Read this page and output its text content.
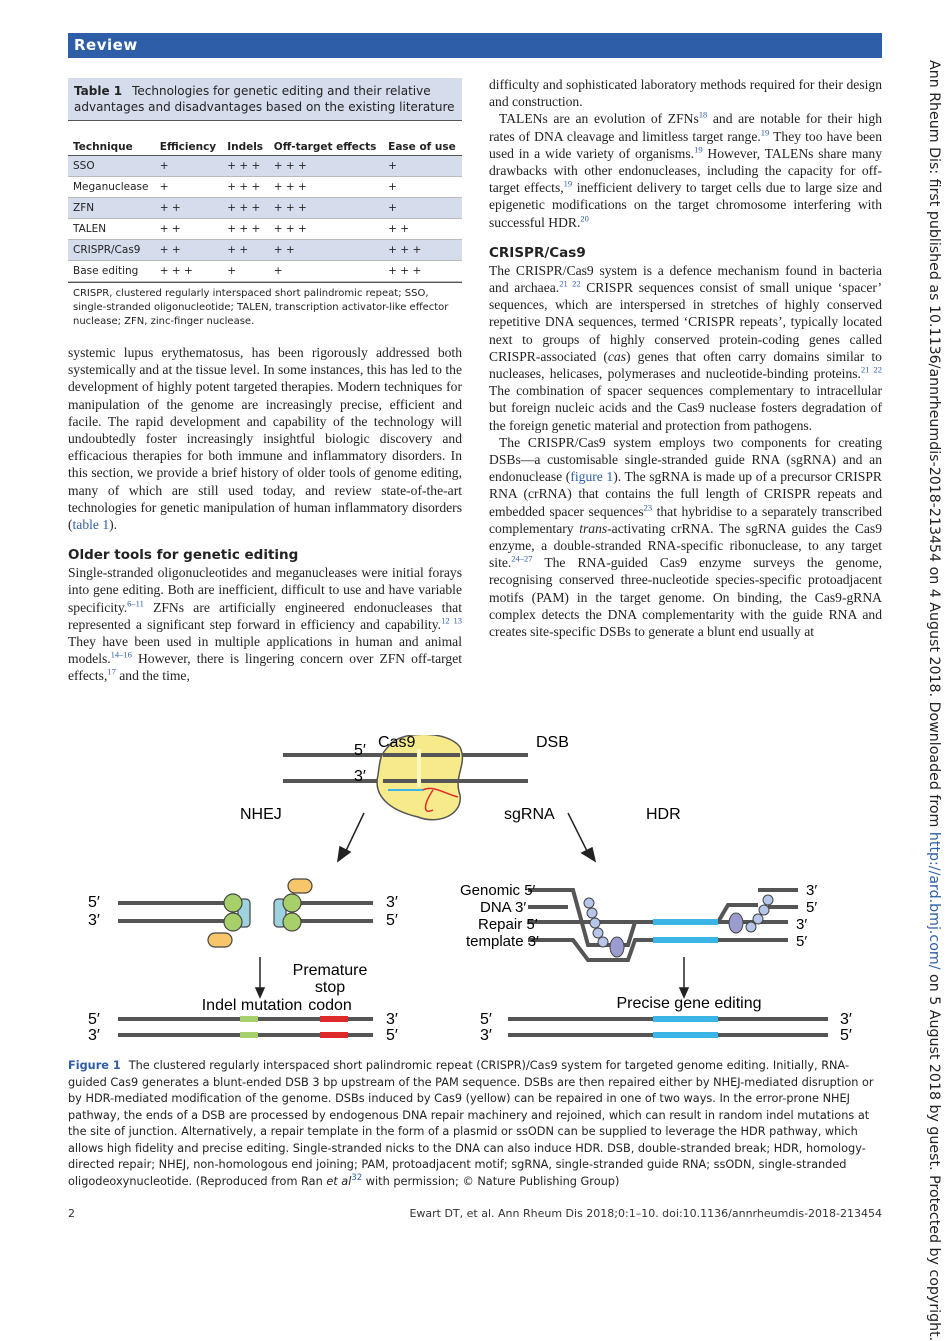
Review
Table 1 Technologies for genetic editing and their relative advantages and disadvantages based on the existing literature
Technique	Efficiency	Indels	Off-target effects	Ease of use
SSO	+	+ + +	+ + +	+
Meganuclease	+	+ + +	+ + +	+
ZFN	+ +	+ + +	+ + +	+
TALEN	+ +	+ + +	+ + +	+ +
CRISPR/Cas9	+ +	+ +	+ +	+ + +
Base editing	+ + +	+	+	+ + +
CRISPR, clustered regularly interspaced short palindromic repeat; SSO, single-stranded oligonucleotide; TALEN, transcription activator-like effector nuclease; ZFN, zinc-finger nuclease.

systemic lupus erythematosus, has been rigorously addressed both systemically and at the tissue level. In some instances, this has led to the development of highly potent targeted therapies. Modern techniques for manipulation of the genome are increasingly precise, efficient and facile. The rapid development and capability of the technology will undoubtedly foster increasingly insightful biologic discovery and efficacious therapies for both immune and inflammatory disorders. In this section, we provide a brief history of older tools of genome editing, many of which are still used today, and review state-of-the-art technologies for genetic manipulation of human inflammatory disorders (table 1).

Older tools for genetic editing

Single-stranded oligonucleotides and meganucleases were initial forays into gene editing. Both are inefficient, difficult to use and have variable specificity.$^{6-11}$ ZFNs are artificially engineered endonucleases that represented a significant step forward in efficiency and capability.$^{12 13}$ They have been used in multiple applications in human and animal models.$^{14-16}$ However, there is lingering concern over ZFN off-target effects,$^{17}$ and the time,

difficulty and sophisticated laboratory methods required for their design and construction.

TALENs are an evolution of ZFNs$^{18}$ and are notable for their high rates of DNA cleavage and limitless target range.$^{19}$ They too have been used in a wide variety of organisms.$^{19}$ However, TALENs share many drawbacks with other endonucleases, including the capacity for off-target effects,$^{19}$ inefficient delivery to target cells due to large size and epigenetic modifications on the target chromosome interfering with successful HDR.$^{20}$

CRISPR/Cas9

The CRISPR/Cas9 system is a defence mechanism found in bacteria and archaea.$^{21 22}$ CRISPR sequences consist of small unique ‘spacer’ sequences, which are interspersed in stretches of highly conserved repetitive DNA sequences, termed ‘CRISPR repeats’, typically located next to groups of highly conserved protein-coding genes called CRISPR-associated (cas) genes that often carry domains similar to nucleases, helicases, polymerases and nucleotide-binding proteins.$^{21 22}$ The combination of spacer sequences complementary to intracellular but foreign nucleic acids and the Cas9 nuclease fosters degradation of the foreign genetic material and protection from pathogens.

The CRISPR/Cas9 system employs two components for creating DSBs—a customisable single-stranded guide RNA (sgRNA) and an endonuclease (figure 1). The sgRNA is made up of a precursor CRISPR RNA (crRNA) that contains the full length of CRISPR repeats and embedded spacer sequences$^{23}$ that hybridise to a separately transcribed complementary trans-activating crRNA. The sgRNA guides the Cas9 enzyme, a double-stranded RNA-specific ribonuclease, to any target site.$^{24-27}$ The RNA-guided Cas9 enzyme surveys the genome, recognising conserved three-nucleotide species-specific protoadjacent motifs (PAM) in the target genome. On binding, the Cas9-gRNA complex detects the DNA complementarity with the guide RNA and creates site-specific DSBs to generate a blunt end usually at

5′
3′
Cas9	DSB
NHEJ	sgRNA	HDR
5′
3′
3′
5′
Genomic 5′
DNA 3′
Repair 5′
template 3′
3′
5′
3′
5′
Premature
stop
codon
Indel mutation	Precise gene editing
5′
3′
3′
5′
5′
3′
3′
5′
Figure 1 The clustered regularly interspaced short palindromic repeat (CRISPR)/Cas9 system for targeted genome editing. Initially, RNA-guided Cas9 generates a blunt-ended DSB 3 bp upstream of the PAM sequence. DSBs are then repaired either by NHEJ-mediated disruption or by HDR-mediated modification of the genome. DSBs induced by Cas9 (yellow) can be repaired in one of two ways. In the error-prone NHEJ pathway, the ends of a DSB are processed by endogenous DNA repair machinery and rejoined, which can result in random indel mutations at the site of junction. Alternatively, a repair template in the form of a plasmid or ssODN can be supplied to leverage the HDR pathway, which allows high fidelity and precise editing. Single-stranded nicks to the DNA can also induce HDR. DSB, double-stranded break; HDR, homology-directed repair; NHEJ, non-homologous end joining; PAM, protoadjacent motif; sgRNA, single-stranded guide RNA; ssODN, single-stranded oligodeoxynucleotide. (Reproduced from Ran et $al^{32}$ with permission; © Nature Publishing Group)
2	Ewart DT, et al. Ann Rheum Dis 2018;0:1–10. doi:10.1136/annrheumdis-2018-213454
Ann Rheum Dis: first published as 10.1136/annrheumdis-2018-213454 on 4 August 2018. Downloaded from http://ard.bmj.com/ on 5 August 2018 by guest. Protected by copyright.
